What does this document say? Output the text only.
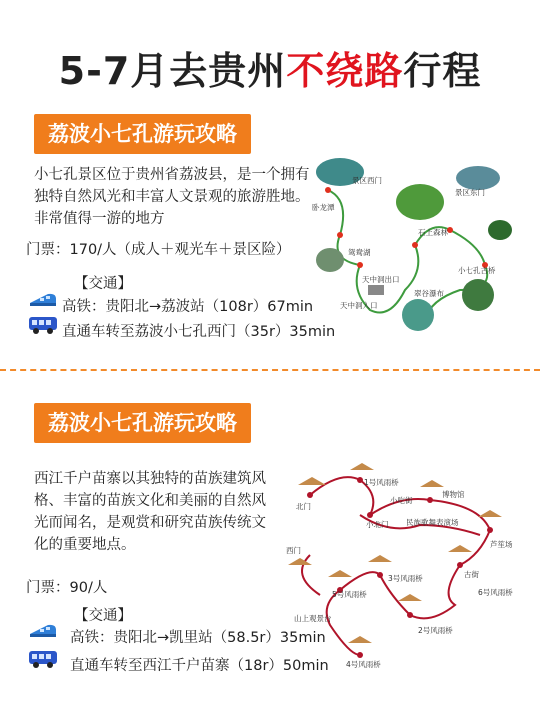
5-7月去贵州不绕路行程
荔波小七孔游玩攻略
小七孔景区位于贵州省荔波县，是一个拥有独特自然风光和丰富人文景观的旅游胜地。非常值得一游的地方
门票：170/人（成人＋观光车＋景区险）
【交通】
高铁：贵阳北→荔波站（108r）67min
直通车转至荔波小七孔西门（35r）35min
景区西门
卧龙潭
景区东门
石上森林
鸳鸯湖
小七孔古桥
天中洞出口
翠谷瀑布
天中洞入口
荔波小七孔游玩攻略
西江千户苗寨以其独特的苗族建筑风格、丰富的苗族文化和美丽的自然风光而闻名，是观赏和研究苗族传统文化的重要地点。
门票：90/人
【交通】
高铁：贵阳北→凯里站（58.5r）35min
直通车转至西江千户苗寨（18r）50min
北门
1号风雨桥
小吃街
小北门
博物馆
芦笙场
民族歌舞表演场
西门
古街
3号风雨桥
5号风雨桥	6号风雨桥
山上观景台
2号风雨桥
4号风雨桥
